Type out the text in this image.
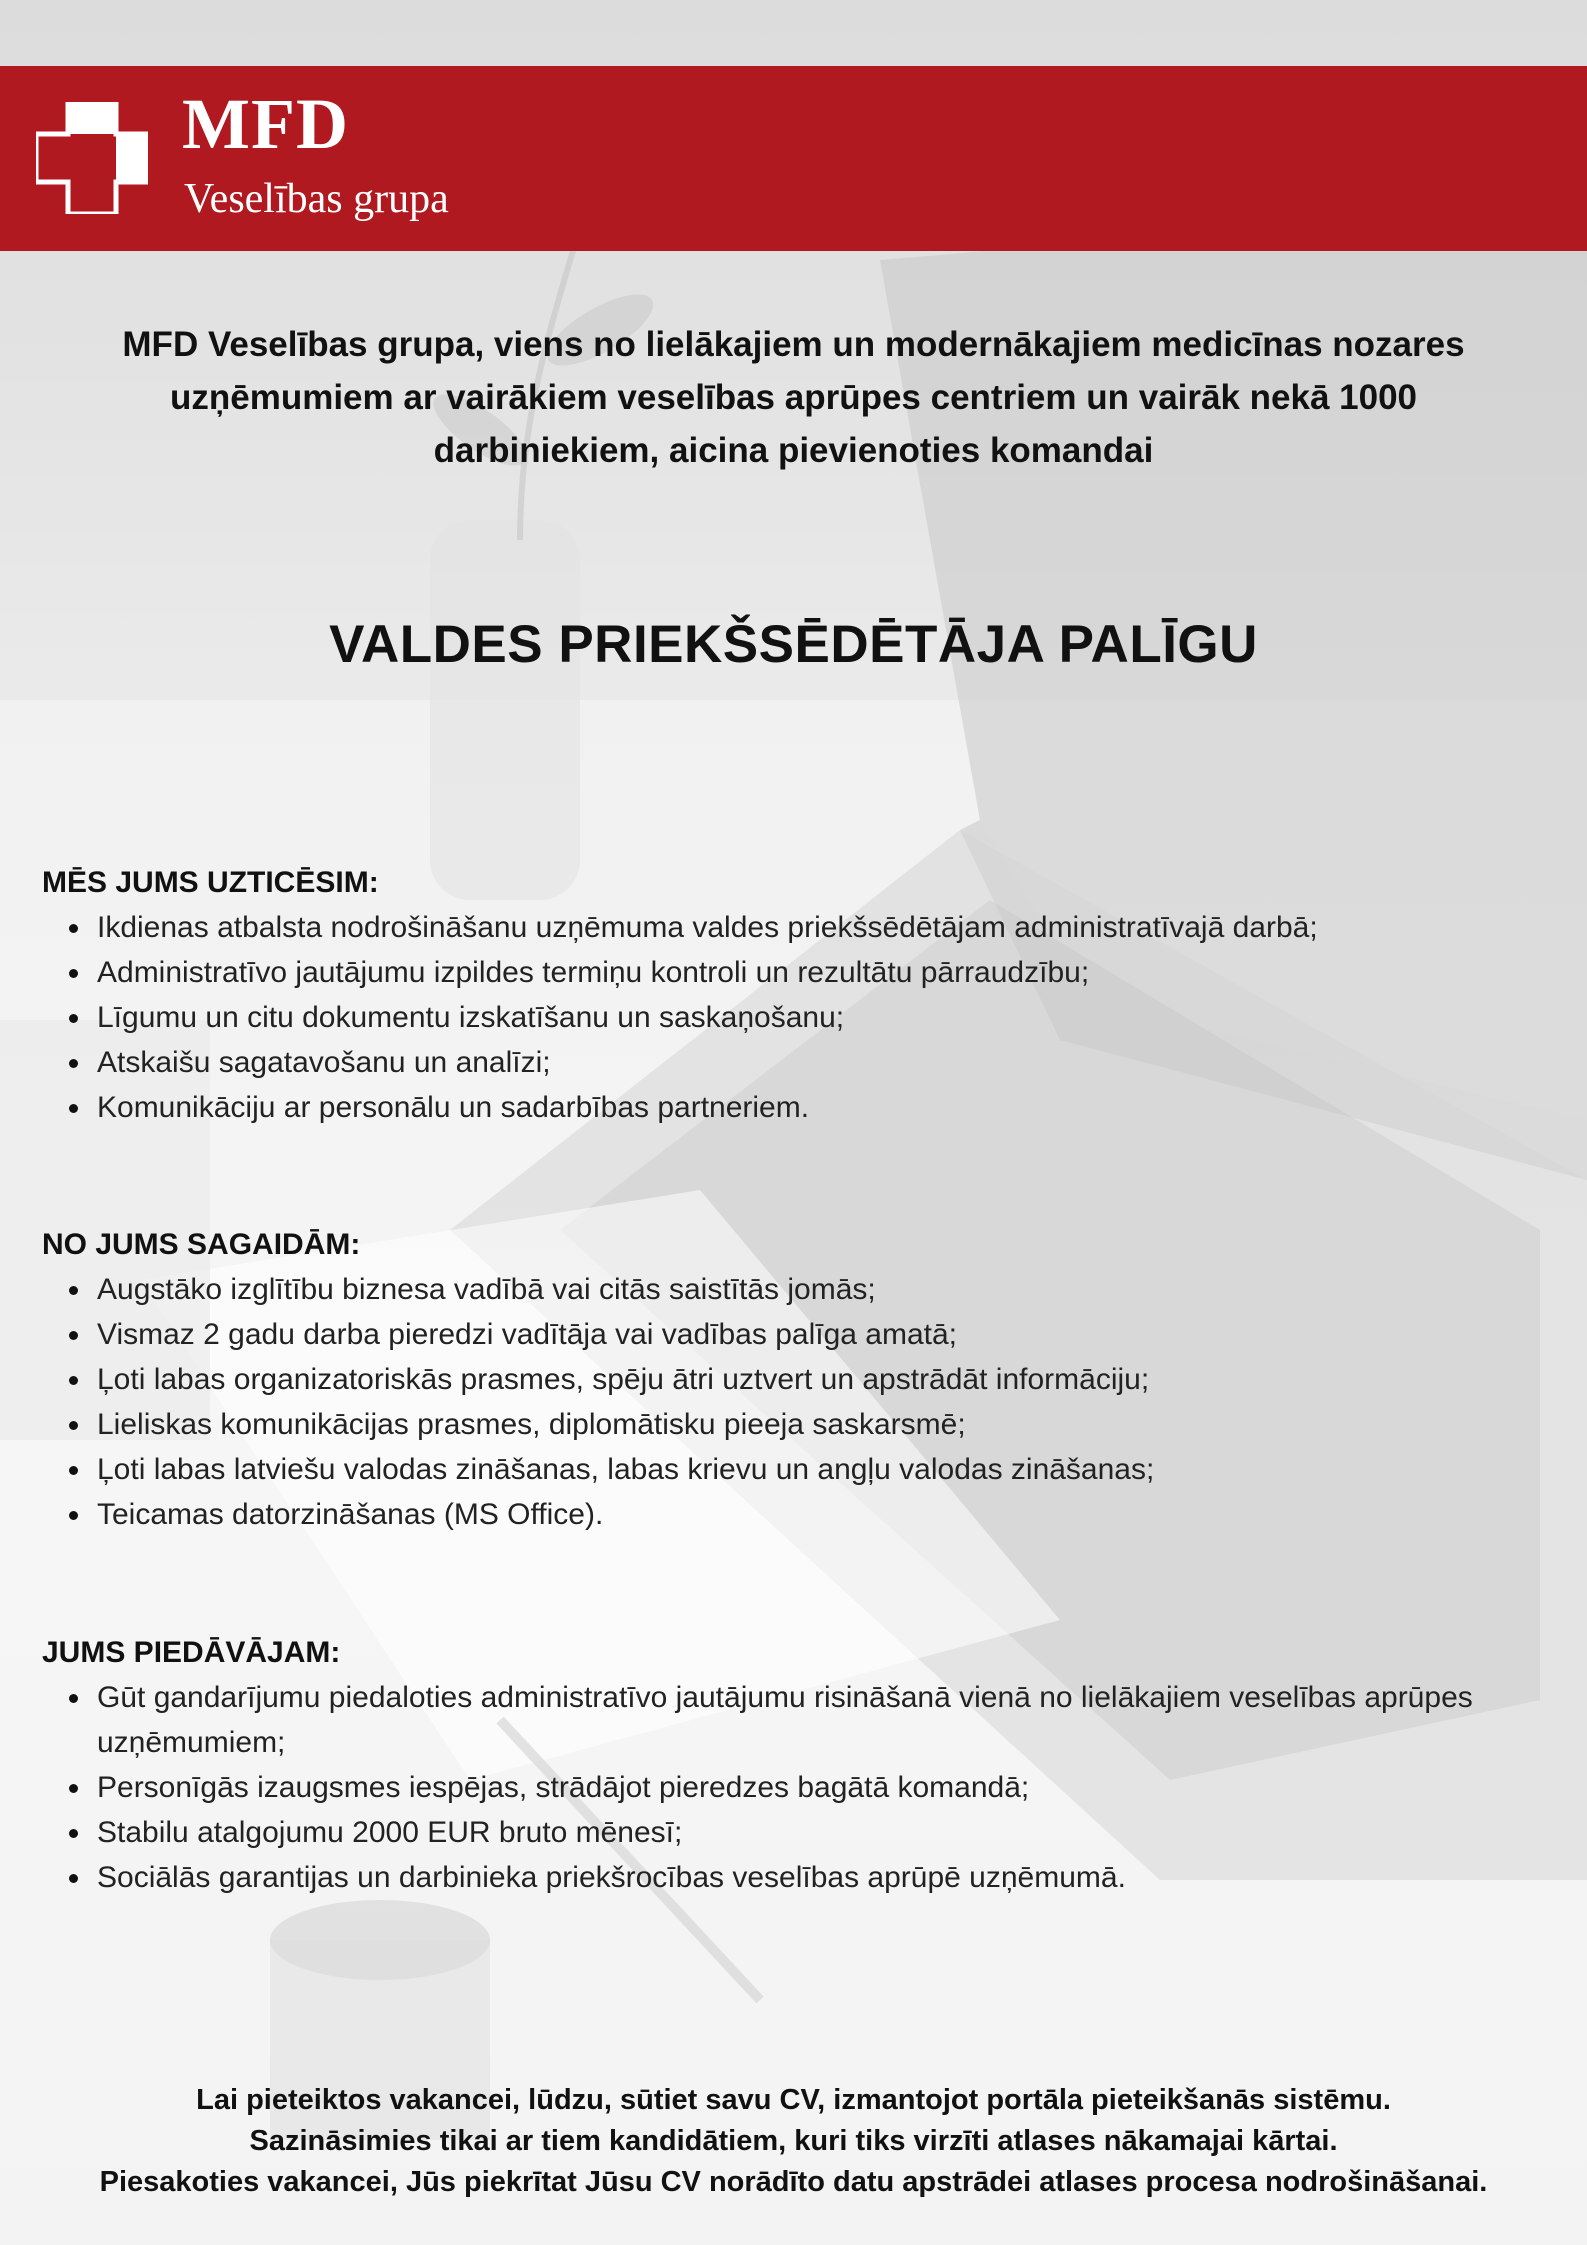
MFD
Veselības grupa
MFD Veselības grupa, viens no lielākajiem un modernākajiem medicīnas nozares uzņēmumiem ar vairākiem veselības aprūpes centriem un vairāk nekā 1000 darbiniekiem, aicina pievienoties komandai
VALDES PRIEKŠSĒDĒTĀJA PALĪGU
MĒS JUMS UZTICĒSIM:
Ikdienas atbalsta nodrošināšanu uzņēmuma valdes priekšsēdētājam administratīvajā darbā;
Administratīvo jautājumu izpildes termiņu kontroli un rezultātu pārraudzību;
Līgumu un citu dokumentu izskatīšanu un saskaņošanu;
Atskaišu sagatavošanu un analīzi;
Komunikāciju ar personālu un sadarbības partneriem.
NO JUMS SAGAIDĀM:
Augstāko izglītību biznesa vadībā vai citās saistītās jomās;
Vismaz 2 gadu darba pieredzi vadītāja vai vadības palīga amatā;
Ļoti labas organizatoriskās prasmes, spēju ātri uztvert un apstrādāt informāciju;
Lieliskas komunikācijas prasmes, diplomātisku pieeja saskarsmē;
Ļoti labas latviešu valodas zināšanas, labas krievu un angļu valodas zināšanas;
Teicamas datorzināšanas (MS Office).
JUMS PIEDĀVĀJAM:
Gūt gandarījumu piedaloties administratīvo jautājumu risināšanā vienā no lielākajiem veselības aprūpes uzņēmumiem;
Personīgās izaugsmes iespējas, strādājot pieredzes bagātā komandā;
Stabilu atalgojumu 2000 EUR bruto mēnesī;
Sociālās garantijas un darbinieka priekšrocības veselības aprūpē uzņēmumā.
Lai pieteiktos vakancei, lūdzu, sūtiet savu CV, izmantojot portāla pieteikšanās sistēmu.
Sazināsimies tikai ar tiem kandidātiem, kuri tiks virzīti atlases nākamajai kārtai.
Piesakoties vakancei, Jūs piekrītat Jūsu CV norādīto datu apstrādei atlases procesa nodrošināšanai.
